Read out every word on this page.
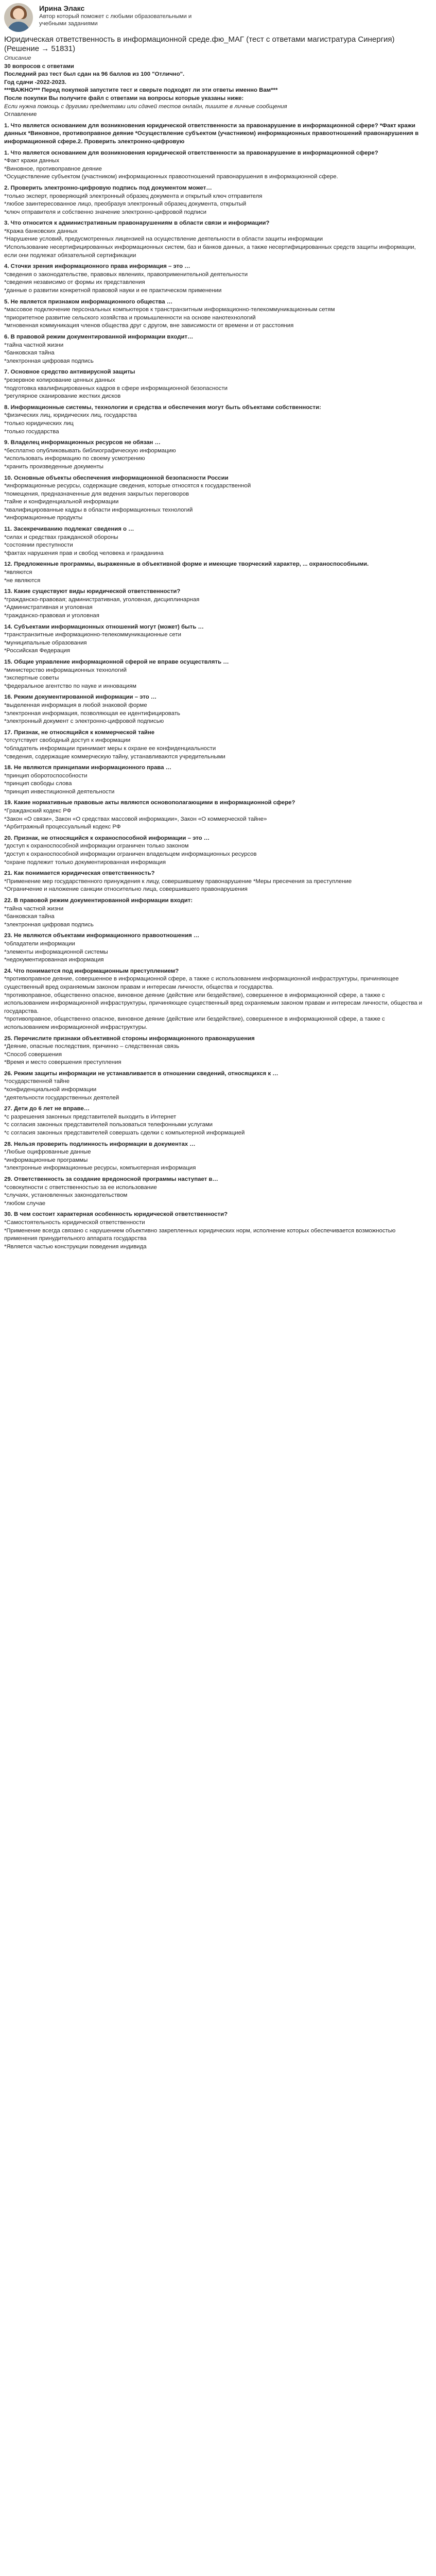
Ирина Элакс
Автор который поможет с любыми образовательными и
учебными заданиями
Юридическая ответственность в информационной среде.фю_МАГ (тест с ответами магистратура Синергия) (Решение → 51831)
Описание
30 вопросов с ответами
Последний раз тест был сдан на 96 баллов из 100 "Отлично".
Год сдачи -2022-2023.
***ВАЖНО*** Перед покупкой запустите тест и сверьте подходят ли эти ответы именно Вам***
После покупки Вы получите файл с ответами на вопросы которые указаны ниже:
Если нужна помощь с другими предметами или сдачей тестов онлайн, пишите в личные сообщения
Оглавление
1. Что является основанием для возникновения юридической ответственности за правонарушение в информационной сфере? *Факт кражи данных *Виновное, противоправное деяние *Осуществление субъектом (участником) информационных правоотношений правонарушения в информационной сфере.2. Проверить электронно-цифровую
1. Что является основанием для возникновения юридической ответственности за правонарушение в информационной сфере?
*Факт кражи данных
*Виновное, противоправное деяние
*Осуществление субъектом (участником) информационных правоотношений правонарушения в информационной сфере.
2. Проверить электронно-цифровую подпись под документом может…
*только эксперт, проверяющий электронный образец документа и открытый ключ отправителя
*любое заинтересованное лицо, преобразуя электронный образец документа, открытый
*ключ отправителя и собственно значение электронно-цифровой подписи
3. Что относится к административным правонарушениям в области связи и информации?
*Кража банковских данных
*Нарушение условий, предусмотренных лицензией на осуществление деятельности в области защиты информации
*Использование несертифицированных информационных систем, баз и банков данных, а также несертифицированных средств защиты информации, если они подлежат обязательной сертификации
4. Сточки зрения информационного права информация – это …
*сведения о законодательстве, правовых явлениях, правоприменительной деятельности
*сведения независимо от формы их представления
*данные о развитии конкретной правовой науки и ее практическом применении
5. Не является признаком информационного общества …
*массовое подключение персональных компьютеров к транстранзитным информационно-телекоммуникационным сетям
*приоритетное развитие сельского хозяйства и промышленности на основе нанотехнологий
*мгновенная коммуникация членов общества друг с другом, вне зависимости от времени и от расстояния
6. В правовой режим документированной информации входит…
*тайна частной жизни
*банковская тайна
*электронная цифровая подпись
7. Основное средство антивирусной защиты
*резервное копирование ценных данных
*подготовка квалифицированных кадров в сфере информационной безопасности
*регулярное сканирование жестких дисков
8. Информационные системы, технологии и средства и обеспечения могут быть объектами собственности:
*физических лиц, юридических лиц, государства
*только юридических лиц
*только государства
9. Владелец информационных ресурсов не обязан …
*бесплатно опубликовывать библиографическую информацию
*использовать информацию по своему усмотрению
*хранить произведенные документы
10. Основные объекты обеспечения информационной безопасности России
*информационные ресурсы, содержащие сведения, которые относятся к государственной
*помещения, предназначенные для ведения закрытых переговоров
*тайне и конфиденциальной информации
*квалифицированные кадры в области информационных технологий
*информационные продукты
11. Засекречиванию подлежат сведения о …
*силах и средствах гражданской обороны
*состоянии преступности
*фактах нарушения прав и свобод человека и гражданина
12. Предложенные программы, выраженные в объективной форме и имеющие творческий характер, ... охраноспособными.
*являются
*не являются
13. Какие существуют виды юридической ответственности?
*гражданско-правовая; административная, уголовная, дисциплинарная
*Административная и уголовная
*гражданско-правовая и уголовная
14. Субъектами информационных отношений могут (может) быть …
*транстранзитные информационно-телекоммуникационные сети
*муниципальные образования
*Российская Федерация
15. Общие управление информационной сферой не вправе осуществлять …
*министерство информационных технологий
*экспертные советы
*федеральное агентство по науке и инновациям
16. Режим документированной информации – это …
*выделенная информация в любой знаковой форме
*электронная информация, позволяющая ее идентифицировать
*электронный документ с электронно-цифровой подписью
17. Признак, не относящийся к коммерческой тайне
*отсутствует свободный доступ к информации
*обладатель информации принимает меры к охране ее конфиденциальности
*сведения, содержащие коммерческую тайну, устанавливаются учредительными
18. Не являются принципами информационного права …
*принцип оборотоспособности
*принцип свободы слова
*принцип инвестиционной деятельности
19. Какие нормативные правовые акты являются основополагающими в информационной сфере?
*Гражданский кодекс РФ
*Закон «О связи», Закон «О средствах массовой информации», Закон «О коммерческой тайне»
*Арбитражный процессуальный кодекс РФ
20. Признак, не относящийся к охраноспособной информации – это …
*доступ к охраноспособной информации ограничен только законом
*доступ к охраноспособной информации ограничен владельцем информационных ресурсов
*охране подлежит только документированная информация
21. Как понимается юридическая ответственность?
*Применение мер государственного принуждения к лицу, совершившему правонарушение *Меры пресечения за преступление
*Ограничение и наложение санкции относительно лица, совершившего правонарушения
22. В правовой режим документированной информации входит:
*тайна частной жизни
*банковская тайна
*электронная цифровая подпись
23. Не являются объектами информационного правоотношения …
*обладатели информации
*элементы информационной системы
*недокументированная информация
24. Что понимается под информационным преступлением?
*противоправное деяние, совершенное в информационной сфере, а также с использованием информационной инфраструктуры, причиняющее существенный вред охраняемым законом правам и интересам личности, общества и государства.
*противоправное, общественно опасное, виновное деяние (действие или бездействие), совершенное в информационной сфере, а также с использованием информационной инфраструктуры, причиняющее существенный вред охраняемым законом правам и интересам личности, общества и государства.
*противоправное, общественно опасное, виновное деяние (действие или бездействие), совершенное в информационной сфере, а также с использованием информационной инфраструктуры.
25. Перечислите признаки объективной стороны информационного правонарушения
*Деяние, опасные последствия, причинно – следственная связь
*Способ совершения
*Время и место совершения преступления
26. Режим защиты информации не устанавливается в отношении сведений, относящихся к …
*государственной тайне
*конфиденциальной информации
*деятельности государственных деятелей
27. Дети до 6 лет не вправе…
*с разрешения законных представителей выходить в Интернет
*с согласия законных представителей пользоваться телефонными услугами
*с согласия законных представителей совершать сделки с компьютерной информацией
28. Нельзя проверить подлинность информации в документах …
*Любые оцифрованные данные
*информационные программы
*электронные информационные ресурсы, компьютерная информация
29. Ответственность за создание вредоносной программы наступает в…
*совокупности с ответственностью за ее использование
*случаях, установленных законодательством
*любом случае
30. В чем состоит характерная особенность юридической ответственности?
*Самостоятельность юридической ответственности
*Применение всегда связано с нарушением объективно закрепленных юридических норм, исполнение которых обеспечивается возможностью применения принудительного аппарата государства
*Является частью конструкции поведения индивида
